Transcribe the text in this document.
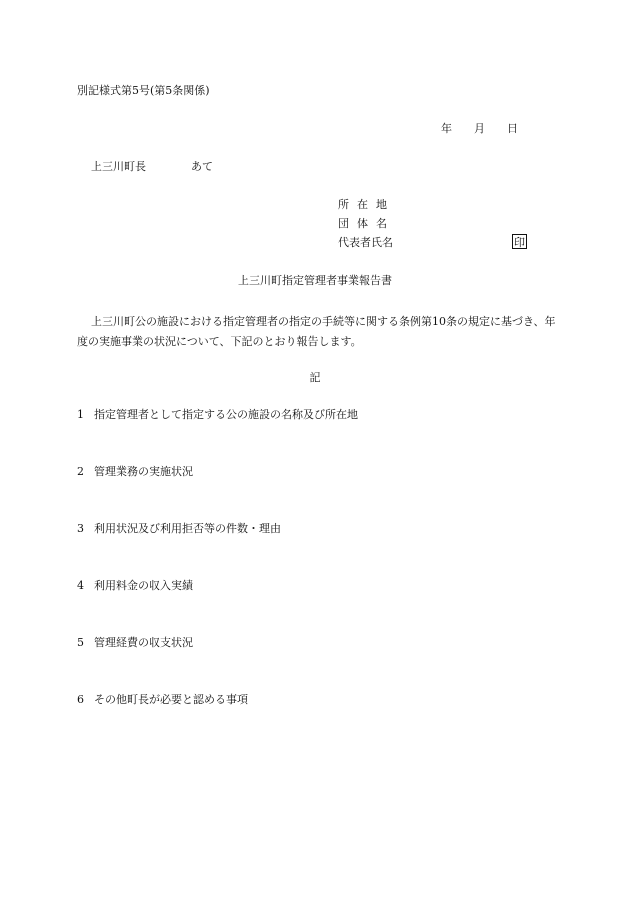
別記様式第5号(第5条関係)
年 月 日
上三川町長	あて
所在地
団体名
代表者氏名	印
上三川町指定管理者事業報告書
上三川町公の施設における指定管理者の指定の手続等に関する条例第10条の規定に基づき、年度の実施事業の状況について、下記のとおり報告します。
記
1 指定管理者として指定する公の施設の名称及び所在地
2 管理業務の実施状況
3 利用状況及び利用拒否等の件数・理由
4 利用料金の収入実績
5 管理経費の収支状況
6 その他町長が必要と認める事項
